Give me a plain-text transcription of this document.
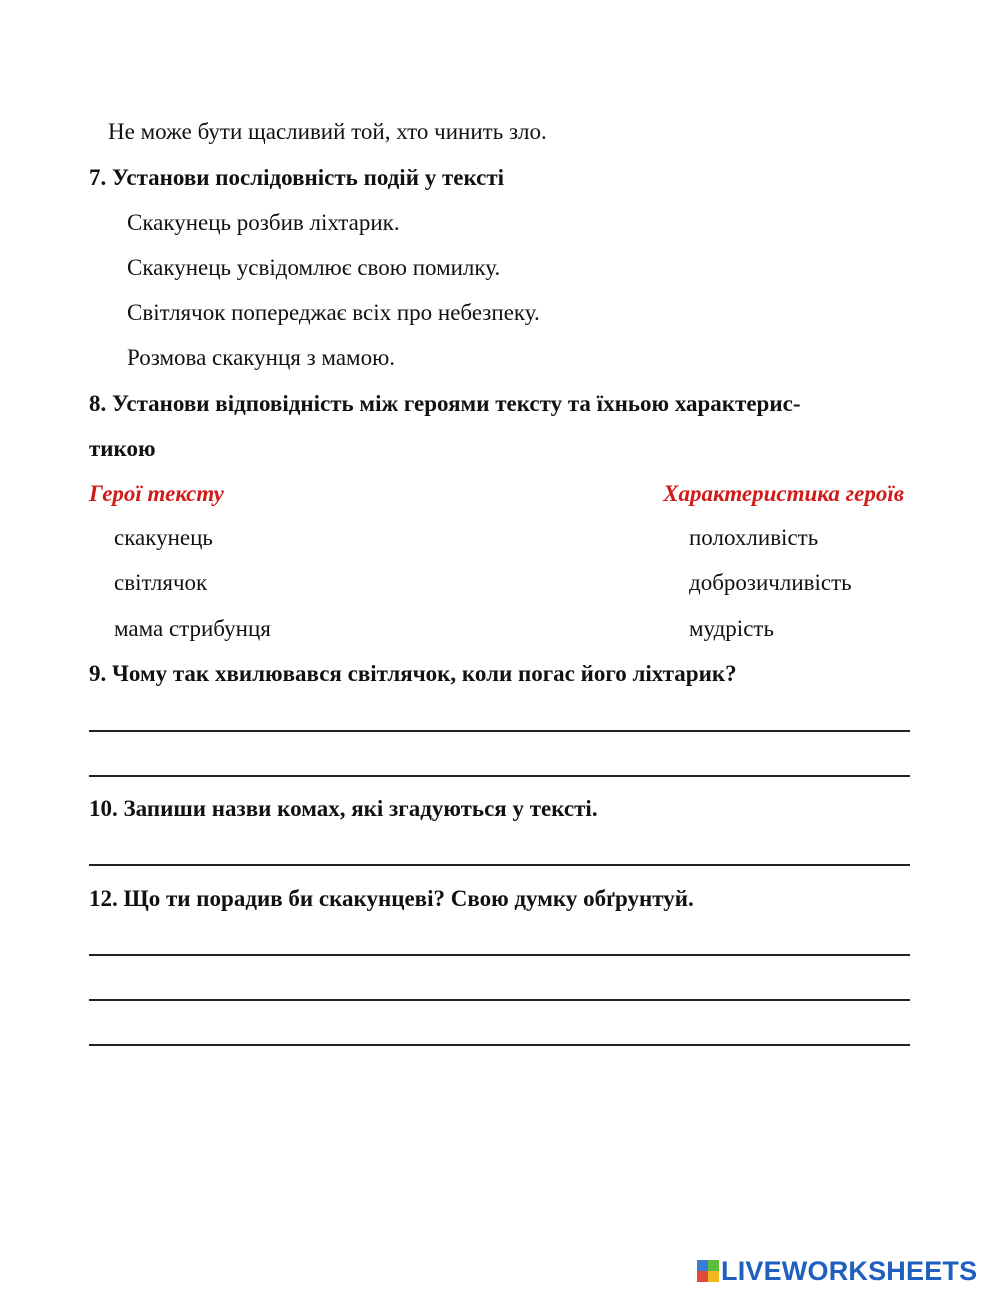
Не може бути щасливий той, хто чинить зло.
7. Установи послідовність подій у тексті
Скакунець розбив ліхтарик.
Скакунець усвідомлює свою помилку.
Світлячок попереджає всіх про небезпеку.
Розмова скакунця з мамою.
8. Установи відповідність між героями тексту та їхньою характерис-
тикою
Герої тексту	Характеристика героїв
скакунець
світлячок
мама стрибунця
полохливість
доброзичливість
мудрість
9. Чому так хвилювався світлячок, коли погас його ліхтарик?
10. Запиши назви комах, які згадуються у тексті.
12. Що ти порадив би скакунцеві? Свою думку обґрунтуй.
LIVEWORKSHEETS
